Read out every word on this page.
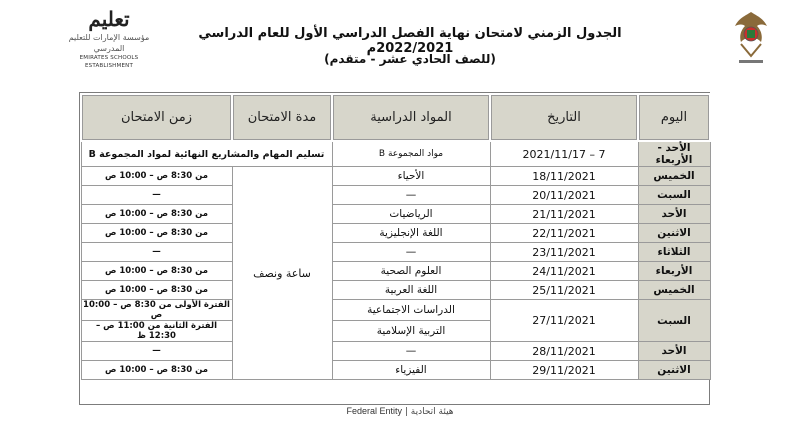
تعليم
مؤسسة الإمارات للتعليم المدرسي
EMIRATES SCHOOLS ESTABLISHMENT
الجدول الزمني لامتحان نهاية الفصل الدراسي الأول للعام الدراسي 2022/2021م
(للصف الحادي عشر - متقدم)
اليوم	التاريخ	المواد الدراسية	مدة الامتحان	زمن الامتحان
الأحد - الأربعاء	7 – 2021/11/17	مواد المجموعة B	تسليم المهام والمشاريع النهائية لمواد المجموعة B	
الخميس	18/11/2021	الأحياء	ساعة ونصف	من 8:30 ص – 10:00 ص
السبت	20/11/2021	—		—
الأحد	21/11/2021	الرياضيات		من 8:30 ص – 10:00 ص
الاثنين	22/11/2021	اللغة الإنجليزية		من 8:30 ص – 10:00 ص
الثلاثاء	23/11/2021	—		—
الأربعاء	24/11/2021	العلوم الصحية		من 8:30 ص – 10:00 ص
الخميس	25/11/2021	اللغة العربية		من 8:30 ص – 10:00 ص
السبت	27/11/2021	الدراسات الاجتماعية		الفترة الأولى من 8:30 ص – 10:00 ص
		التربية الإسلامية		الفترة الثانية من 11:00 ص – 12:30 ظ
الأحد	28/11/2021	—		—
الاثنين	29/11/2021	الفيزياء		من 8:30 ص – 10:00 ص
Federal Entity | هيئة اتحادية
